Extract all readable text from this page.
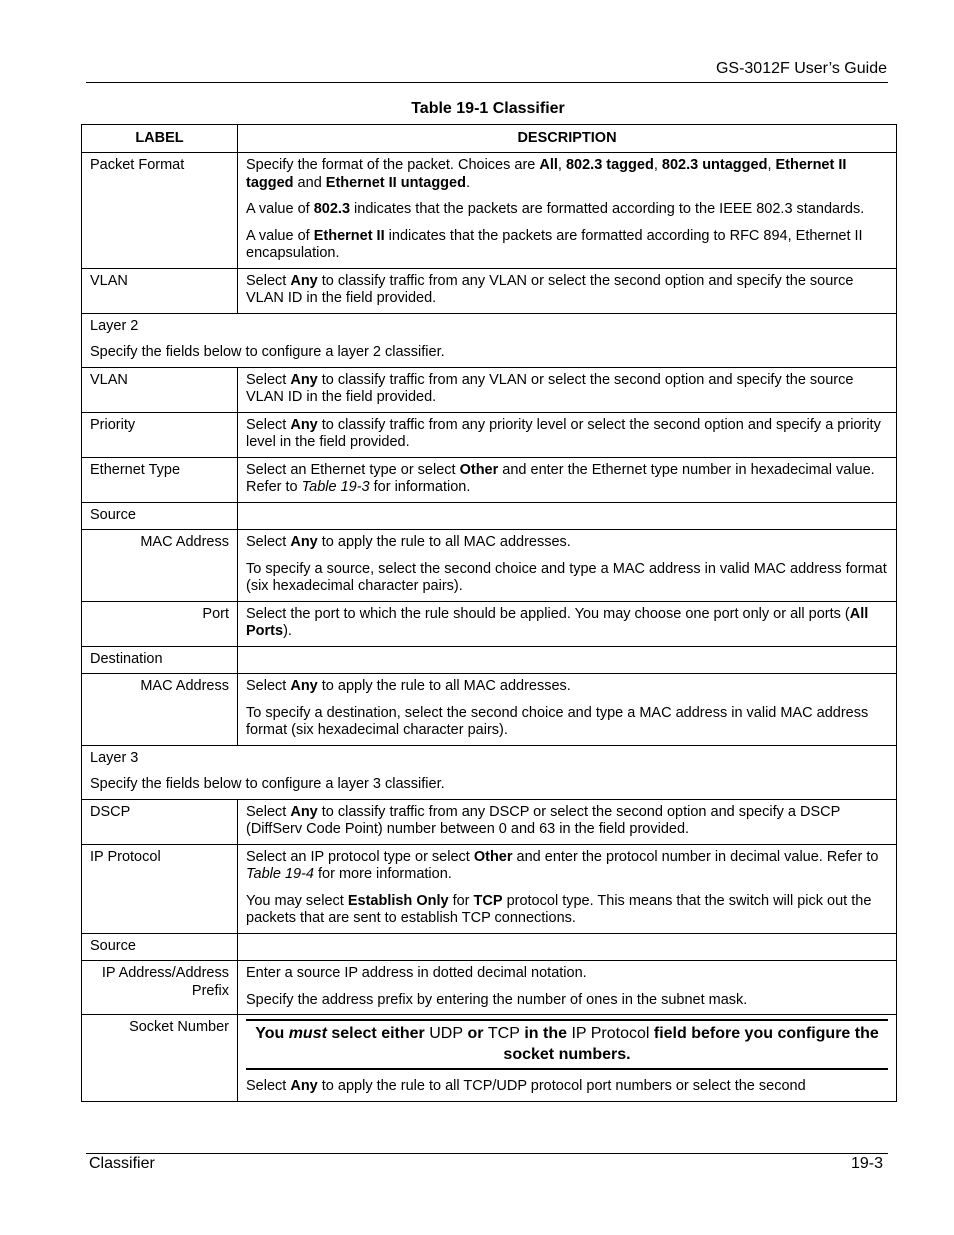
GS-3012F User’s Guide
Table 19-1 Classifier
LABEL	DESCRIPTION
Packet Format	Specify the format of the packet. Choices are All, 802.3 tagged, 802.3 untagged, Ethernet II tagged and Ethernet II untagged.
A value of 802.3 indicates that the packets are formatted according to the IEEE 802.3 standards.
A value of Ethernet II indicates that the packets are formatted according to RFC 894, Ethernet II encapsulation.

VLAN	Select Any to classify traffic from any VLAN or select the second option and specify the source VLAN ID in the field provided.

Layer 2
Specify the fields below to configure a layer 2 classifier.	

VLAN	Select Any to classify traffic from any VLAN or select the second option and specify the source VLAN ID in the field provided.

Priority	Select Any to classify traffic from any priority level or select the second option and specify a priority level in the field provided.

Ethernet Type	Select an Ethernet type or select Other and enter the Ethernet type number in hexadecimal value. Refer to Table 19-3 for information.

Source	
MAC Address	Select Any to apply the rule to all MAC addresses.
To specify a source, select the second choice and type a MAC address in valid MAC address format (six hexadecimal character pairs).

Port	Select the port to which the rule should be applied. You may choose one port only or all ports (All Ports).

Destination	
MAC Address	Select Any to apply the rule to all MAC addresses.
To specify a destination, select the second choice and type a MAC address in valid MAC address format (six hexadecimal character pairs).

Layer 3
Specify the fields below to configure a layer 3 classifier.	

DSCP	Select Any to classify traffic from any DSCP or select the second option and specify a DSCP (DiffServ Code Point) number between 0 and 63 in the field provided.

IP Protocol	Select an IP protocol type or select Other and enter the protocol number in decimal value. Refer to Table 19-4 for more information.
You may select Establish Only for TCP protocol type. This means that the switch will pick out the packets that are sent to establish TCP connections.

Source	
IP Address/Address Prefix	Enter a source IP address in dotted decimal notation.
Specify the address prefix by entering the number of ones in the subnet mask.

Socket Number	You must select either UDP or TCP in the IP Protocol field before you configure the socket numbers.
Select Any to apply the rule to all TCP/UDP protocol port numbers or select the second
Classifier	19-3
